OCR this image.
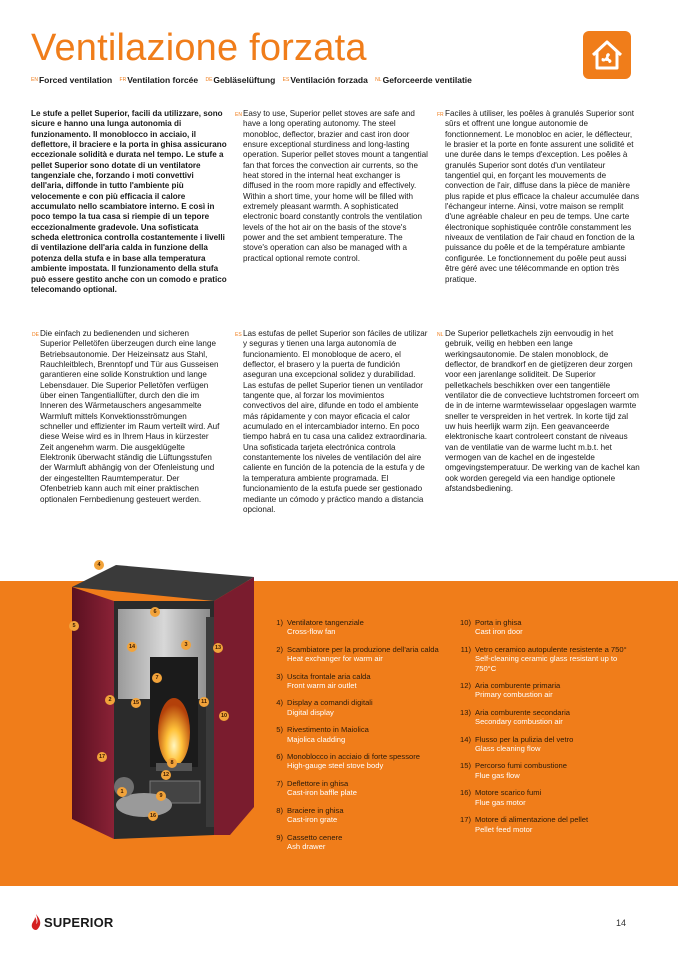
Ventilazione forzata
$^{EN}$Forced ventilation $^{FR}$Ventilation forcée $^{DE}$Gebläselüftung $^{ES}$Ventilación forzada $^{NL}$Geforceerde ventilatie

Le stufe a pellet Superior, facili da utilizzare, sono sicure e hanno una lunga autonomia di funzionamento. Il monoblocco in acciaio, il deflettore, il braciere e la porta in ghisa assicurano eccezionale solidità e durata nel tempo. Le stufe a pellet Superior sono dotate di un ventilatore tangenziale che, forzando i moti convettivi dell'aria, diffonde in tutto l'ambiente più velocemente e con più efficacia il calore accumulato nello scambiatore interno. E così in poco tempo la tua casa si riempie di un tepore eccezionalmente gradevole. Una sofisticata scheda elettronica controlla costantemente i livelli di ventilazione dell'aria calda in funzione della potenza della stufa e in base alla temperatura ambiente impostata. Il funzionamento della stufa può essere gestito anche con un comodo e pratico telecomando optional.

EN Easy to use, Superior pellet stoves are safe and have a long operating autonomy. The steel monobloc, deflector, brazier and cast iron door ensure exceptional sturdiness and long-lasting operation. Superior pellet stoves mount a tangential fan that forces the convection air currents, so the heat stored in the internal heat exchanger is diffused in the room more rapidly and effectively. Within a short time, your home will be filled with extremely pleasant warmth. A sophisticated electronic board constantly controls the ventilation levels of the hot air on the basis of the stove's power and the set ambient temperature. The stove's operation can also be managed with a practical optional remote control.

FR Faciles à utiliser, les poêles à granulés Superior sont sûrs et offrent une longue autonomie de fonctionnement. Le monobloc en acier, le déflecteur, le brasier et la porte en fonte assurent une solidité et une durée dans le temps d'exception. Les poêles à granulés Superior sont dotés d'un ventilateur tangentiel qui, en forçant les mouvements de convection de l'air, diffuse dans la pièce de manière plus rapide et plus efficace la chaleur accumulée dans l'échangeur interne. Ainsi, votre maison se remplit d'une agréable chaleur en peu de temps. Une carte électronique sophistiquée contrôle constamment les niveaux de ventilation de l'air chaud en fonction de la puissance du poêle et de la température ambiante configurée. Le fonctionnement du poêle peut aussi être géré avec une télécommande en option très pratique.

DE Die einfach zu bedienenden und sicheren Superior Pelletöfen überzeugen durch eine lange Betriebsautonomie. Der Heizeinsatz aus Stahl, Rauchleitblech, Brenntopf und Tür aus Gusseisen garantieren eine solide Konstruktion und lange Lebensdauer. Die Superior Pelletöfen verfügen über einen Tangentiallüfter, durch den die im Inneren des Wärmetauschers angesammelte Warmluft mittels Konvektionsströmungen schneller und effizienter im Raum verteilt wird. Auf diese Weise wird es in Ihrem Haus in kürzester Zeit angenehm warm. Die ausgeklügelte Elektronik überwacht ständig die Lüftungsstufen der Warmluft abhängig von der Ofenleistung und der eingestellten Raumtemperatur. Der Ofenbetrieb kann auch mit einer praktischen optionalen Fernbedienung gesteuert werden.

ES Las estufas de pellet Superior son fáciles de utilizar y seguras y tienen una larga autonomía de funcionamiento. El monobloque de acero, el deflector, el brasero y la puerta de fundición aseguran una excepcional solidez y durabilidad. Las estufas de pellet Superior tienen un ventilador tangente que, al forzar los movimientos convectivos del aire, difunde en todo el ambiente más rápidamente y con mayor eficacia el calor acumulado en el intercambiador interno. En poco tiempo habrá en tu casa una calidez extraordinaria. Una sofisticada tarjeta electrónica controla constantemente los niveles de ventilación del aire caliente en función de la potencia de la estufa y de la temperatura ambiente programada. El funcionamiento de la estufa puede ser gestionado mediante un cómodo y práctico mando a distancia opcional.

NL De Superior pelletkachels zijn eenvoudig in het gebruik, veilig en hebben een lange werkingsautonomie. De stalen monoblock, de deflector, de brandkorf en de gietijzeren deur zorgen voor een jarenlange soliditeit. De Superior pelletkachels beschikken over een tangentiële ventilator die de convectieve luchtstromen forceert om de in de interne warmtewisselaar opgeslagen warmte sneller te verspreiden in het vertrek. In korte tijd zal uw huis heerlijk warm zijn. Een geavanceerde elektronische kaart controleert constant de niveaus van de ventilatie van de warme lucht m.b.t. het vermogen van de kachel en de ingestelde omgevingstemperatuur. De werking van de kachel kan ook worden geregeld via een handige optionele afstandsbediening.

1) Ventilatore tangenziale
Cross-flow fan
2) Scambiatore per la produzione dell'aria calda
Heat exchanger for warm air
3) Uscita frontale aria calda
Front warm air outlet
4) Display a comandi digitali
Digital display
5) Rivestimento in Maiolica
Majolica cladding
6) Monoblocco in acciaio di forte spessore
High-gauge steel stove body
7) Deflettore in ghisa
Cast-iron baffle plate
8) Braciere in ghisa
Cast-iron grate
9) Cassetto cenere
Ash drawer
10) Porta in ghisa
Cast iron door
11) Vetro ceramico autopulente resistente a 750°
Self-cleaning ceramic glass resistant up to 750°C
12) Aria comburente primaria
Primary combustion air
13) Aria comburente secondaria
Secondary combustion air
14) Flusso per la pulizia del vetro
Glass cleaning flow
15) Percorso fumi combustione
Flue gas flow
16) Motore scarico fumi
Flue gas motor
17) Motore di alimentazione del pellet
Pellet feed motor
SUPERIOR	14
1
2
3
4
5
6
7
8
9
10
11
12
13
14
15
16
17
